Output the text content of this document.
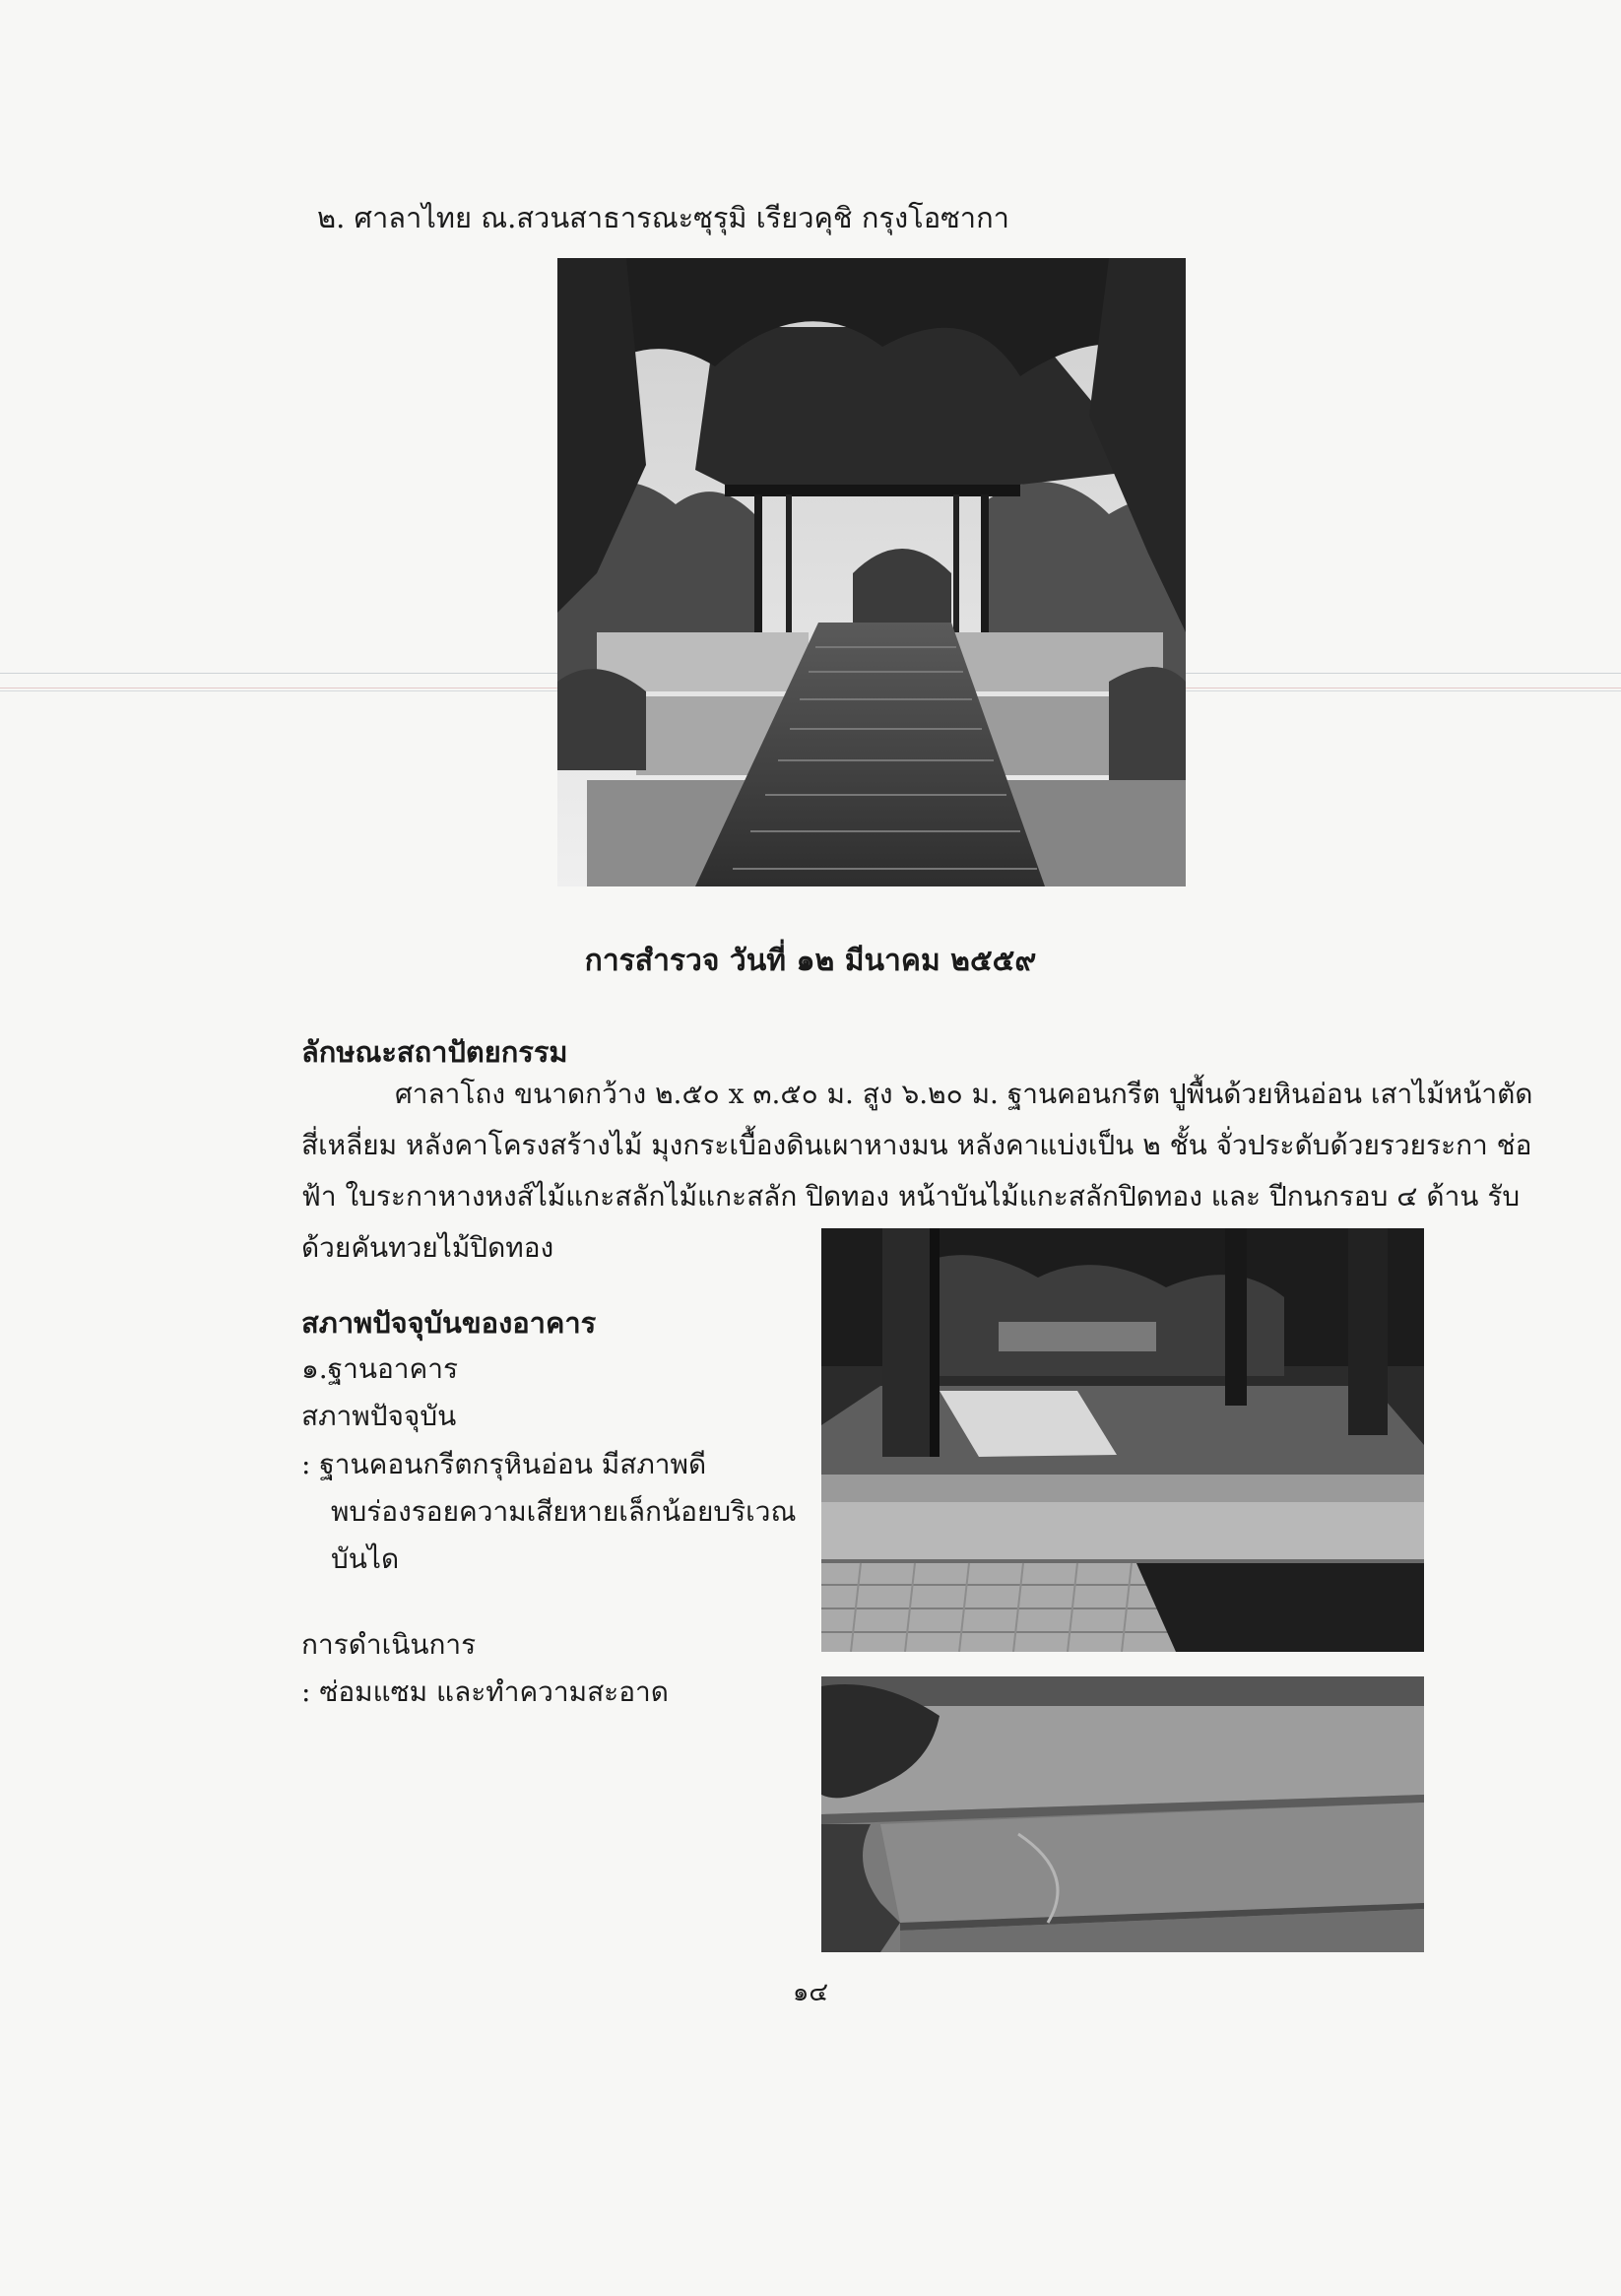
๒. ศาลาไทย ณ.สวนสาธารณะซุรุมิ เรียวคุชิ กรุงโอซากา
การสำรวจ วันที่ ๑๒ มีนาคม ๒๕๕๙
ลักษณะสถาปัตยกรรม
ศาลาโถง ขนาดกว้าง ๒.๕๐ x ๓.๕๐ ม. สูง ๖.๒๐ ม. ฐานคอนกรีต ปูพื้นด้วยหินอ่อน เสาไม้หน้าตัด
สี่เหลี่ยม หลังคาโครงสร้างไม้ มุงกระเบื้องดินเผาหางมน หลังคาแบ่งเป็น ๒ ชั้น จั่วประดับด้วยรวยระกา ช่อ
ฟ้า ใบระกาหางหงส์ไม้แกะสลักไม้แกะสลัก ปิดทอง หน้าบันไม้แกะสลักปิดทอง และ ปีกนกรอบ ๔ ด้าน รับ
ด้วยคันทวยไม้ปิดทอง
สภาพปัจจุบันของอาคาร
๑.ฐานอาคาร
สภาพปัจจุบัน
: ฐานคอนกรีตกรุหินอ่อน มีสภาพดี
พบร่องรอยความเสียหายเล็กน้อยบริเวณ
บันได
การดำเนินการ
: ซ่อมแซม และทำความสะอาด
๑๔
